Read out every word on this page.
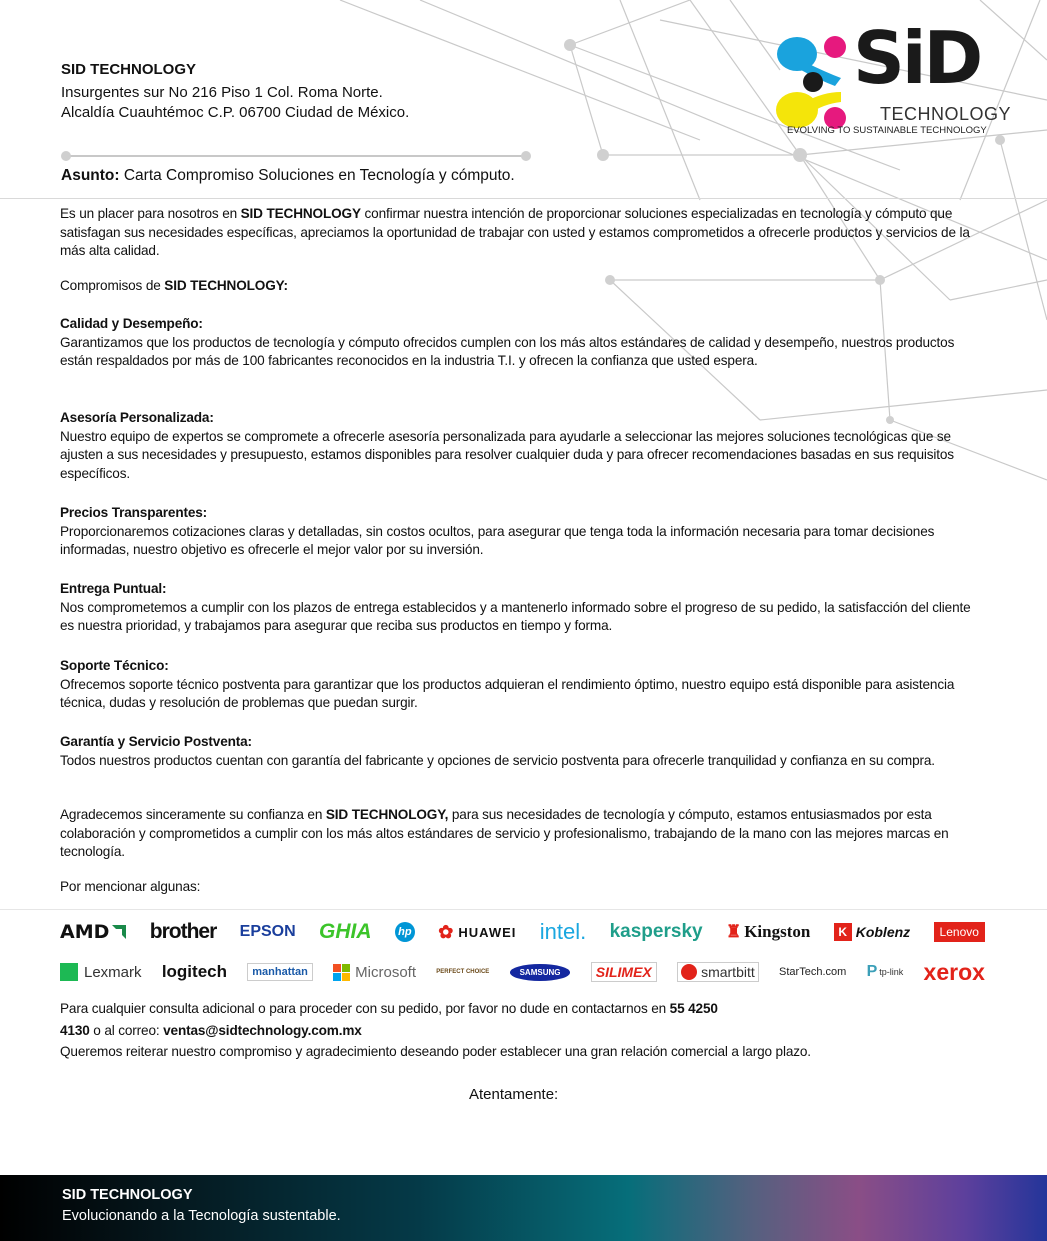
SID TECHNOLOGY
Insurgentes sur No 216 Piso 1 Col. Roma Norte.
Alcaldía Cuauhtémoc C.P. 06700 Ciudad de México.
Asunto: Carta Compromiso Soluciones en Tecnología y cómputo.
SiD
TECHNOLOGY
EVOLVING TO SUSTAINABLE TECHNOLOGY
Es un placer para nosotros en SID TECHNOLOGY confirmar nuestra intención de proporcionar soluciones especializadas en tecnología y cómputo que satisfagan sus necesidades específicas, apreciamos la oportunidad de trabajar con usted y estamos comprometidos a ofrecerle productos y servicios de la más alta calidad.
Compromisos de SID TECHNOLOGY:
Calidad y Desempeño:
Garantizamos que los productos de tecnología y cómputo ofrecidos cumplen con los más altos estándares de calidad y desempeño, nuestros productos están respaldados por más de 100 fabricantes reconocidos en la industria T.I. y ofrecen la confianza que usted espera.
Asesoría Personalizada:
Nuestro equipo de expertos se compromete a ofrecerle asesoría personalizada para ayudarle a seleccionar las mejores soluciones tecnológicas que se ajusten a sus necesidades y presupuesto, estamos disponibles para resolver cualquier duda y para ofrecer recomendaciones basadas en sus requisitos específicos.
Precios Transparentes:
Proporcionaremos cotizaciones claras y detalladas, sin costos ocultos, para asegurar que tenga toda la información necesaria para tomar decisiones informadas, nuestro objetivo es ofrecerle el mejor valor por su inversión.
Entrega Puntual:
Nos comprometemos a cumplir con los plazos de entrega establecidos y a mantenerlo informado sobre el progreso de su pedido, la satisfacción del cliente es nuestra prioridad, y trabajamos para asegurar que reciba sus productos en tiempo y forma.
Soporte Técnico:
Ofrecemos soporte técnico postventa para garantizar que los productos adquieran el rendimiento óptimo, nuestro equipo está disponible para asistencia técnica, dudas y resolución de problemas que puedan surgir.
Garantía y Servicio Postventa:
Todos nuestros productos cuentan con garantía del fabricante y opciones de servicio postventa para ofrecerle tranquilidad y confianza en su compra.
Agradecemos sinceramente su confianza en SID TECHNOLOGY, para sus necesidades de tecnología y cómputo, estamos entusiasmados por esta colaboración y comprometidos a cumplir con los más altos estándares de servicio y profesionalismo, trabajando de la mano con las mejores marcas en tecnología.
Por mencionar algunas:
AMD brother EPSON GHIA hp ✿ HUAWEI intel. kaspersky ♜ Kingston	K Koblenz	Lenovo
Lexmark logitech	manhattan	Microsoft	PERFECT CHOICE	SAMSUNG	SILIMEX	smartbitt StarTech.com P tp-link xerox
Para cualquier consulta adicional o para proceder con su pedido, por favor no dude en contactarnos en 55 4250
4130 o al correo: ventas@sidtechnology.com.mx
Queremos reiterar nuestro compromiso y agradecimiento deseando poder establecer una gran relación comercial a largo plazo.
Atentamente:
SID TECHNOLOGY
Evolucionando a la Tecnología sustentable.
